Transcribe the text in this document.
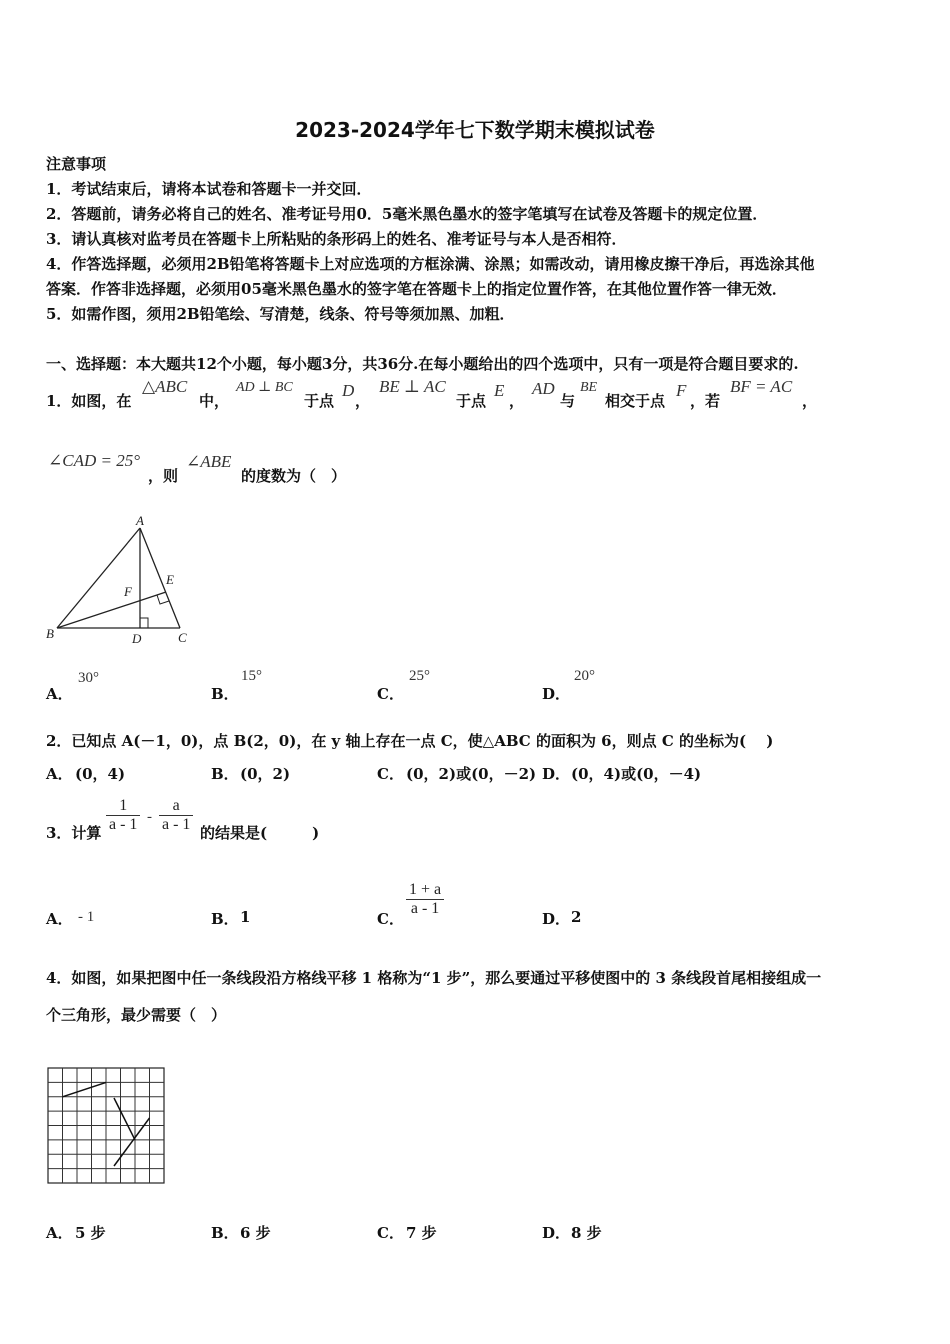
2023-2024学年七下数学期末模拟试卷
注意事项
1．考试结束后，请将本试卷和答题卡一并交回．
2．答题前，请务必将自己的姓名、准考证号用0．5毫米黑色墨水的签字笔填写在试卷及答题卡的规定位置．
3．请认真核对监考员在答题卡上所粘贴的条形码上的姓名、准考证号与本人是否相符．
4．作答选择题，必须用2B铅笔将答题卡上对应选项的方框涂满、涂黑；如需改动，请用橡皮擦干净后，再选涂其他
答案．作答非选择题，必须用05毫米黑色墨水的签字笔在答题卡上的指定位置作答，在其他位置作答一律无效．
5．如需作图，须用2B铅笔绘、写清楚，线条、符号等须加黑、加粗．
一、选择题：本大题共12个小题，每小题3分，共36分.在每小题给出的四个选项中，只有一项是符合题目要求的.
1．如图，在
△ABC
中，
AD ⊥ BC
于点
D
，
BE ⊥ AC
于点
E
，
AD
与
BE
相交于点
F
，若
BF = AC
，
∠CAD = 25°
，则
∠ABE
的度数为（　）
A
B	C
D
E
F
A．
30°
B．
15°
C．
25°
D．
20°
2．已知点 A(－1，0)，点 B(2，0)，在 y 轴上存在一点 C，使△ABC 的面积为 6，则点 C 的坐标为(　 )
A． (0，4)	B． (0，2)	C． (0，2)或(0，－2) D． (0，4)或(0，－4)
3．计算 $\frac{1}{a - 1} - \frac{a}{a - 1}$ 的结果是(　　　)
A． - 1	B． 1	C．
$\frac{1 + a}{a - 1}$
D． 2
4．如图，如果把图中任一条线段沿方格线平移 1 格称为“1 步”，那么要通过平移使图中的 3 条线段首尾相接组成一
个三角形，最少需要（　）
A． 5 步	B． 6 步	C． 7 步	D． 8 步
